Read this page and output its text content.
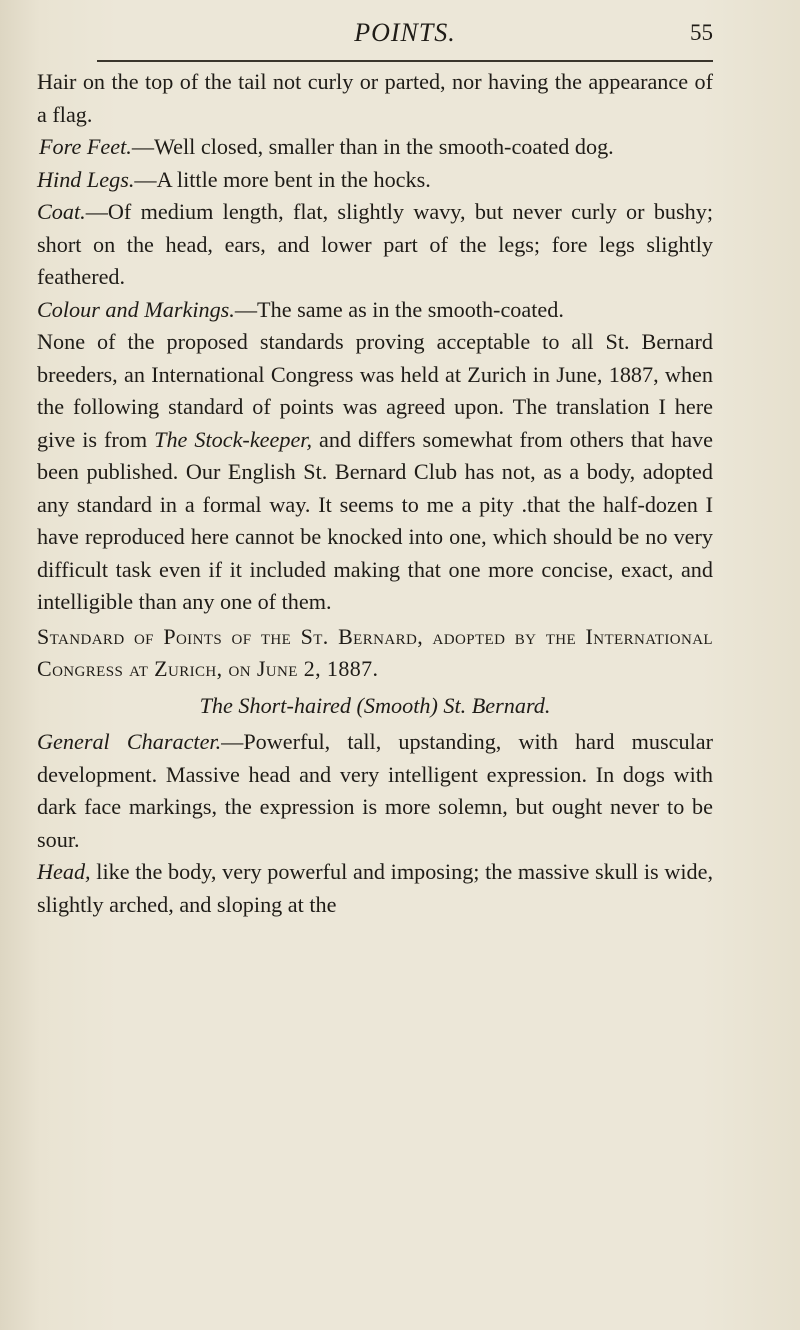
POINTS.	55

Hair on the top of the tail not curly or parted, nor having the appearance of a flag.

Fore Feet.—Well closed, smaller than in the smooth-coated dog.

Hind Legs.—A little more bent in the hocks.

Coat.—Of medium length, flat, slightly wavy, but never curly or bushy; short on the head, ears, and lower part of the legs; fore legs slightly feathered.

Colour and Markings.—The same as in the smooth-coated.

None of the proposed standards proving acceptable to all St. Bernard breeders, an International Congress was held at Zurich in June, 1887, when the following standard of points was agreed upon. The translation I here give is from The Stock-keeper, and differs somewhat from others that have been published. Our English St. Bernard Club has not, as a body, adopted any standard in a formal way. It seems to me a pity .that the half-dozen I have reproduced here cannot be knocked into one, which should be no very difficult task even if it included making that one more concise, exact, and intelligible than any one of them.

Standard of Points of the St. Bernard, adopted by the International Congress at Zurich, on June 2, 1887.

The Short-haired (Smooth) St. Bernard.

General Character.—Powerful, tall, upstanding, with hard muscular development. Massive head and very intelligent expression. In dogs with dark face markings, the expression is more solemn, but ought never to be sour.

Head, like the body, very powerful and imposing; the massive skull is wide, slightly arched, and sloping at the
